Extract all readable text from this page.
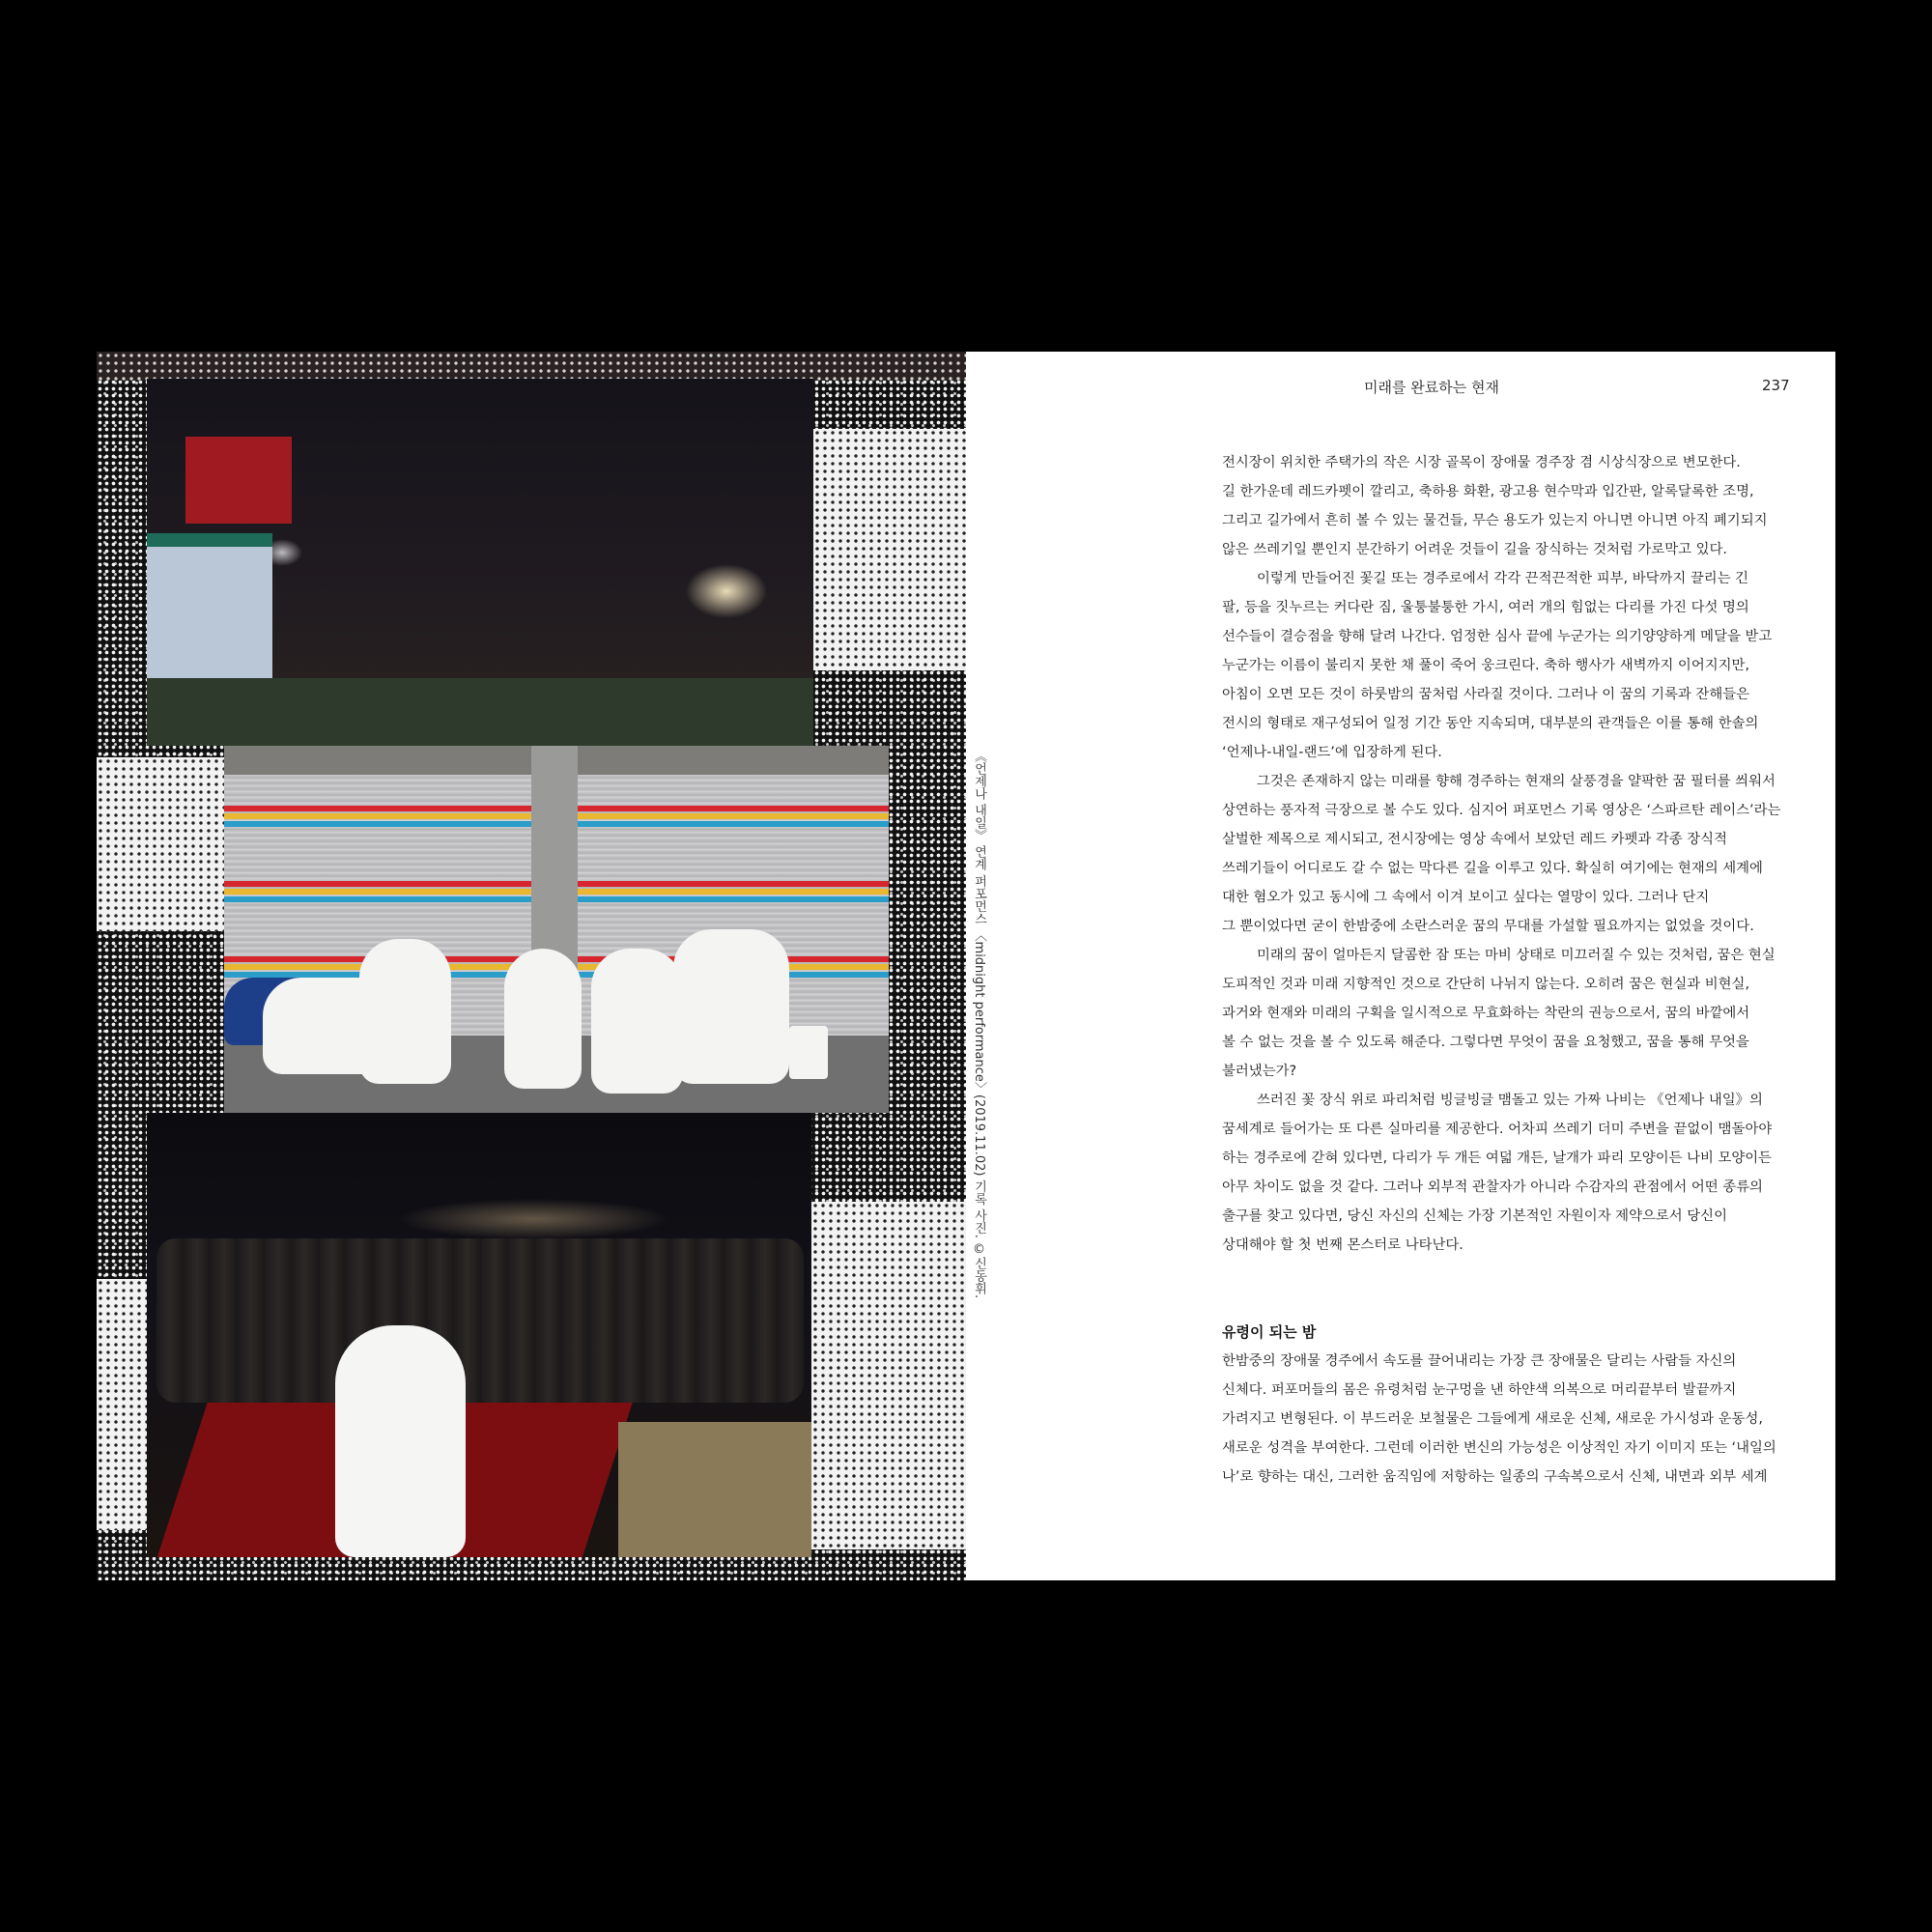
미래를 완료하는 현재	237
전시장이 위치한 주택가의 작은 시장 골목이 장애물 경주장 겸 시상식장으로 변모한다.
길 한가운데 레드카펫이 깔리고, 축하용 화환, 광고용 현수막과 입간판, 알록달록한 조명,
그리고 길가에서 흔히 볼 수 있는 물건들, 무슨 용도가 있는지 아니면 아니면 아직 폐기되지
않은 쓰레기일 뿐인지 분간하기 어려운 것들이 길을 장식하는 것처럼 가로막고 있다.
이렇게 만들어진 꽃길 또는 경주로에서 각각 끈적끈적한 피부, 바닥까지 끌리는 긴
팔, 등을 짓누르는 커다란 짐, 울퉁불퉁한 가시, 여러 개의 힘없는 다리를 가진 다섯 명의
선수들이 결승점을 향해 달려 나간다. 엄정한 심사 끝에 누군가는 의기양양하게 메달을 받고
누군가는 이름이 불리지 못한 채 풀이 죽어 웅크린다. 축하 행사가 새벽까지 이어지지만,
아침이 오면 모든 것이 하룻밤의 꿈처럼 사라질 것이다. 그러나 이 꿈의 기록과 잔해들은
전시의 형태로 재구성되어 일정 기간 동안 지속되며, 대부분의 관객들은 이를 통해 한솔의
‘언제나-내일-랜드’에 입장하게 된다.
그것은 존재하지 않는 미래를 향해 경주하는 현재의 살풍경을 얄팍한 꿈 필터를 씌워서
상연하는 풍자적 극장으로 볼 수도 있다. 심지어 퍼포먼스 기록 영상은 ‘스파르탄 레이스’라는
살벌한 제목으로 제시되고, 전시장에는 영상 속에서 보았던 레드 카펫과 각종 장식적
쓰레기들이 어디로도 갈 수 없는 막다른 길을 이루고 있다. 확실히 여기에는 현재의 세계에
대한 혐오가 있고 동시에 그 속에서 이겨 보이고 싶다는 열망이 있다. 그러나 단지
그 뿐이었다면 굳이 한밤중에 소란스러운 꿈의 무대를 가설할 필요까지는 없었을 것이다.
미래의 꿈이 얼마든지 달콤한 잠 또는 마비 상태로 미끄러질 수 있는 것처럼, 꿈은 현실
도피적인 것과 미래 지향적인 것으로 간단히 나뉘지 않는다. 오히려 꿈은 현실과 비현실,
과거와 현재와 미래의 구획을 일시적으로 무효화하는 착란의 권능으로서, 꿈의 바깥에서
볼 수 없는 것을 볼 수 있도록 해준다. 그렇다면 무엇이 꿈을 요청했고, 꿈을 통해 무엇을
불러냈는가?
쓰러진 꽃 장식 위로 파리처럼 빙글빙글 맴돌고 있는 가짜 나비는 《언제나 내일》의
꿈세계로 들어가는 또 다른 실마리를 제공한다. 어차피 쓰레기 더미 주변을 끝없이 맴돌아야
하는 경주로에 갇혀 있다면, 다리가 두 개든 여덟 개든, 날개가 파리 모양이든 나비 모양이든
아무 차이도 없을 것 같다. 그러나 외부적 관찰자가 아니라 수감자의 관점에서 어떤 종류의
출구를 찾고 있다면, 당신 자신의 신체는 가장 기본적인 자원이자 제약으로서 당신이
상대해야 할 첫 번째 몬스터로 나타난다.
유령이 되는 밤
한밤중의 장애물 경주에서 속도를 끌어내리는 가장 큰 장애물은 달리는 사람들 자신의
신체다. 퍼포머들의 몸은 유령처럼 눈구멍을 낸 하얀색 의복으로 머리끝부터 발끝까지
가려지고 변형된다. 이 부드러운 보철물은 그들에게 새로운 신체, 새로운 가시성과 운동성,
새로운 성격을 부여한다. 그런데 이러한 변신의 가능성은 이상적인 자기 이미지 또는 ‘내일의
나’로 향하는 대신, 그러한 움직임에 저항하는 일종의 구속복으로서 신체, 내면과 외부 세계
《언제나 내일》 연계 퍼포먼스 〈midnight performance〉(2019.11.02) 기록 사진. ©신동휘.
